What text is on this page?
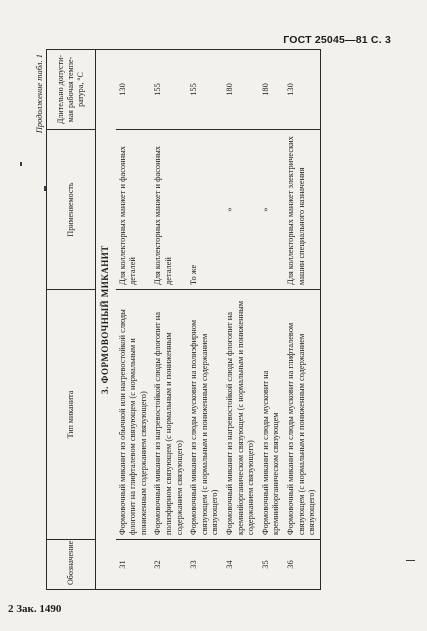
ГОСТ 25045—81 С. 3
Продолжение табл. 1
Обозначение	Тип миканита	Применяемость	Длительно допустимая рабочая температура, °С
3. ФОРМОВОЧНЫЙ МИКАНИТ			
31	Формовочный миканит из обычной или нагревостойкой слюды флогопит на глифталевом связующем (с нормальным и пониженным содержанием связующего)	Для коллекторных манжет и фасонных деталей	130
32	Формовочный миканит из нагревостойкой слюды флогопит на полиэфирном связующем (с нормальным и пониженным содержанием связующего)	Для коллекторных манжет и фасонных деталей	155
33	Формовочный миканит из слюды мусковит на полиэфирном связующем (с нормальным и пониженным содержанием связующего)	То же	155
34	Формовочный миканит из нагревостойкой слюды флогопит на кремнийорганическом связующем (с нормальным и пониженным содержанием связующего)	»	180
35	Формовочный миканит из слюды мусковит на кремнийорганическом связующем	»	180
36	Формовочный миканит из слюды мусковит на глифталевом связующем (с нормальным и пониженным содержанием связующего)	Для коллекторных манжет электрических машин специального назначения	130
2 Зак. 1490
